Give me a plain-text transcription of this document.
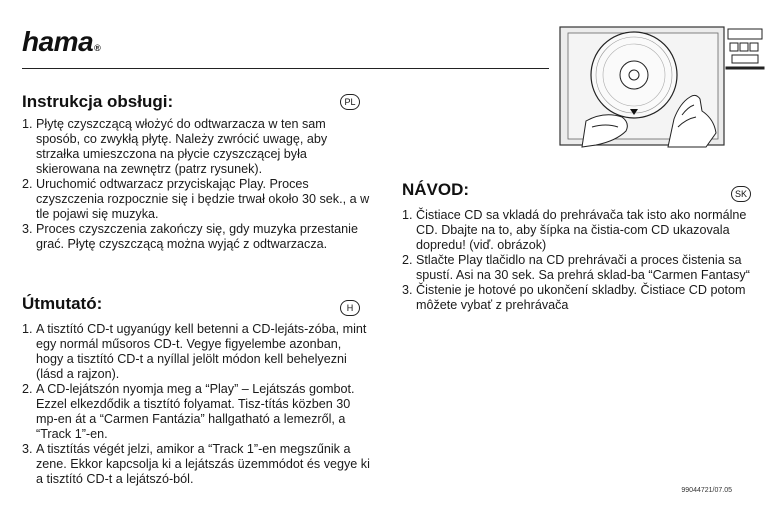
hama®
Instrukcja obsługi:	PL
1. Płytę czyszczącą włożyć do odtwarzacza w ten sam sposób, co zwykłą płytę. Należy zwrócić uwagę, aby strzałka umieszczona na płycie czyszczącej była skierowana na zewnętrz (patrz rysunek).
2. Uruchomić odtwarzacz przyciskając Play. Proces czyszczenia rozpocznie się i będzie trwał około 30 sek., a w tle pojawi się muzyka.
3. Proces czyszczenia zakończy się, gdy muzyka przestanie grać. Płytę czyszczącą można wyjąć z odtwarzacza.
Útmutató:	H
1. A tisztító CD-t ugyanúgy kell betenni a CD-lejáts-zóba, mint egy normál műsoros CD-t. Vegye figyelembe azonban, hogy a tisztító CD-t a nyíllal jelölt módon kell behelyezni (lásd a rajzon).
2. A CD-lejátszón nyomja meg a “Play” – Lejátszás gombot. Ezzel elkezdődik a tisztító folyamat. Tisz-títás közben 30 mp-en át a “Carmen Fantázia” hallgatható a lemezről, a “Track 1”-en.
3. A tisztítás végét jelzi, amikor a “Track 1”-en megszűnik a zene. Ekkor kapcsolja ki a lejátszás üzemmódot és vegye ki a tisztító CD-t a lejátszó-ból.
NÁVOD:	SK
1. Čistiace CD sa vkladá do prehrávača tak isto ako normálne CD. Dbajte na to, aby šípka na čistia-com CD ukazovala dopredu! (viď. obrázok)
2. Stlačte Play tlačidlo na CD prehrávači a proces čistenia sa spustí. Asi na 30 sek. Sa prehrá sklad-ba “Carmen Fantasy“
3. Čistenie je hotové po ukončení skladby. Čistiace CD potom môžete vybať z prehrávača
99044721/07.05
